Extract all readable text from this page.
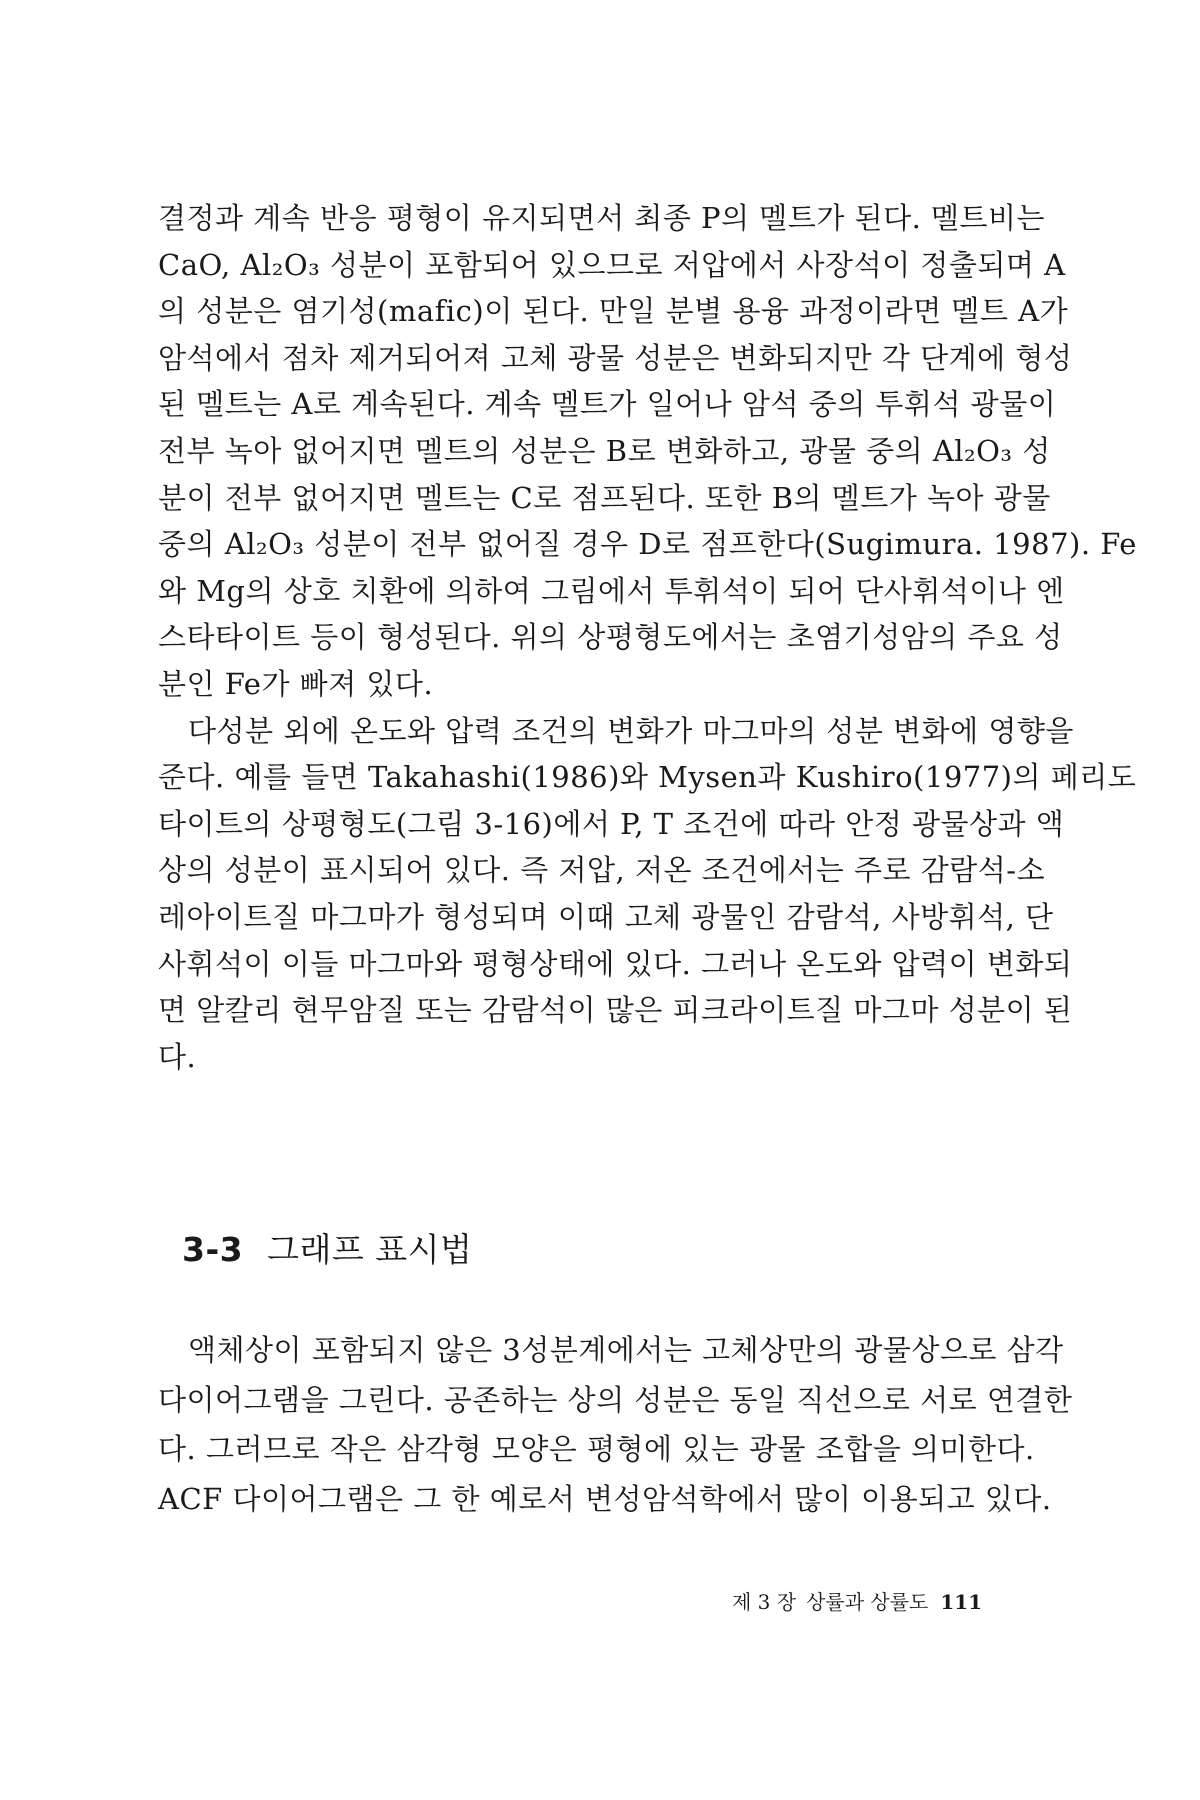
결정과 계속 반응 평형이 유지되면서 최종 P의 멜트가 된다. 멜트비는
CaO, Al₂O₃ 성분이 포함되어 있으므로 저압에서 사장석이 정출되며 A
의 성분은 염기성(mafic)이 된다. 만일 분별 용융 과정이라면 멜트 A가
암석에서 점차 제거되어져 고체 광물 성분은 변화되지만 각 단계에 형성
된 멜트는 A로 계속된다. 계속 멜트가 일어나 암석 중의 투휘석 광물이
전부 녹아 없어지면 멜트의 성분은 B로 변화하고, 광물 중의 Al₂O₃ 성
분이 전부 없어지면 멜트는 C로 점프된다. 또한 B의 멜트가 녹아 광물
중의 Al₂O₃ 성분이 전부 없어질 경우 D로 점프한다(Sugimura. 1987). Fe
와 Mg의 상호 치환에 의하여 그림에서 투휘석이 되어 단사휘석이나 엔
스타타이트 등이 형성된다. 위의 상평형도에서는 초염기성암의 주요 성
분인 Fe가 빠져 있다.
다성분 외에 온도와 압력 조건의 변화가 마그마의 성분 변화에 영향을
준다. 예를 들면 Takahashi(1986)와 Mysen과 Kushiro(1977)의 페리도
타이트의 상평형도(그림 3-16)에서 P, T 조건에 따라 안정 광물상과 액
상의 성분이 표시되어 있다. 즉 저압, 저온 조건에서는 주로 감람석-소
레아이트질 마그마가 형성되며 이때 고체 광물인 감람석, 사방휘석, 단
사휘석이 이들 마그마와 평형상태에 있다. 그러나 온도와 압력이 변화되
면 알칼리 현무암질 또는 감람석이 많은 피크라이트질 마그마 성분이 된
다.
3-3 그래프 표시법
액체상이 포함되지 않은 3성분계에서는 고체상만의 광물상으로 삼각
다이어그램을 그린다. 공존하는 상의 성분은 동일 직선으로 서로 연결한
다. 그러므로 작은 삼각형 모양은 평형에 있는 광물 조합을 의미한다.
ACF 다이어그램은 그 한 예로서 변성암석학에서 많이 이용되고 있다.
제 3 장 상률과 상률도 111
